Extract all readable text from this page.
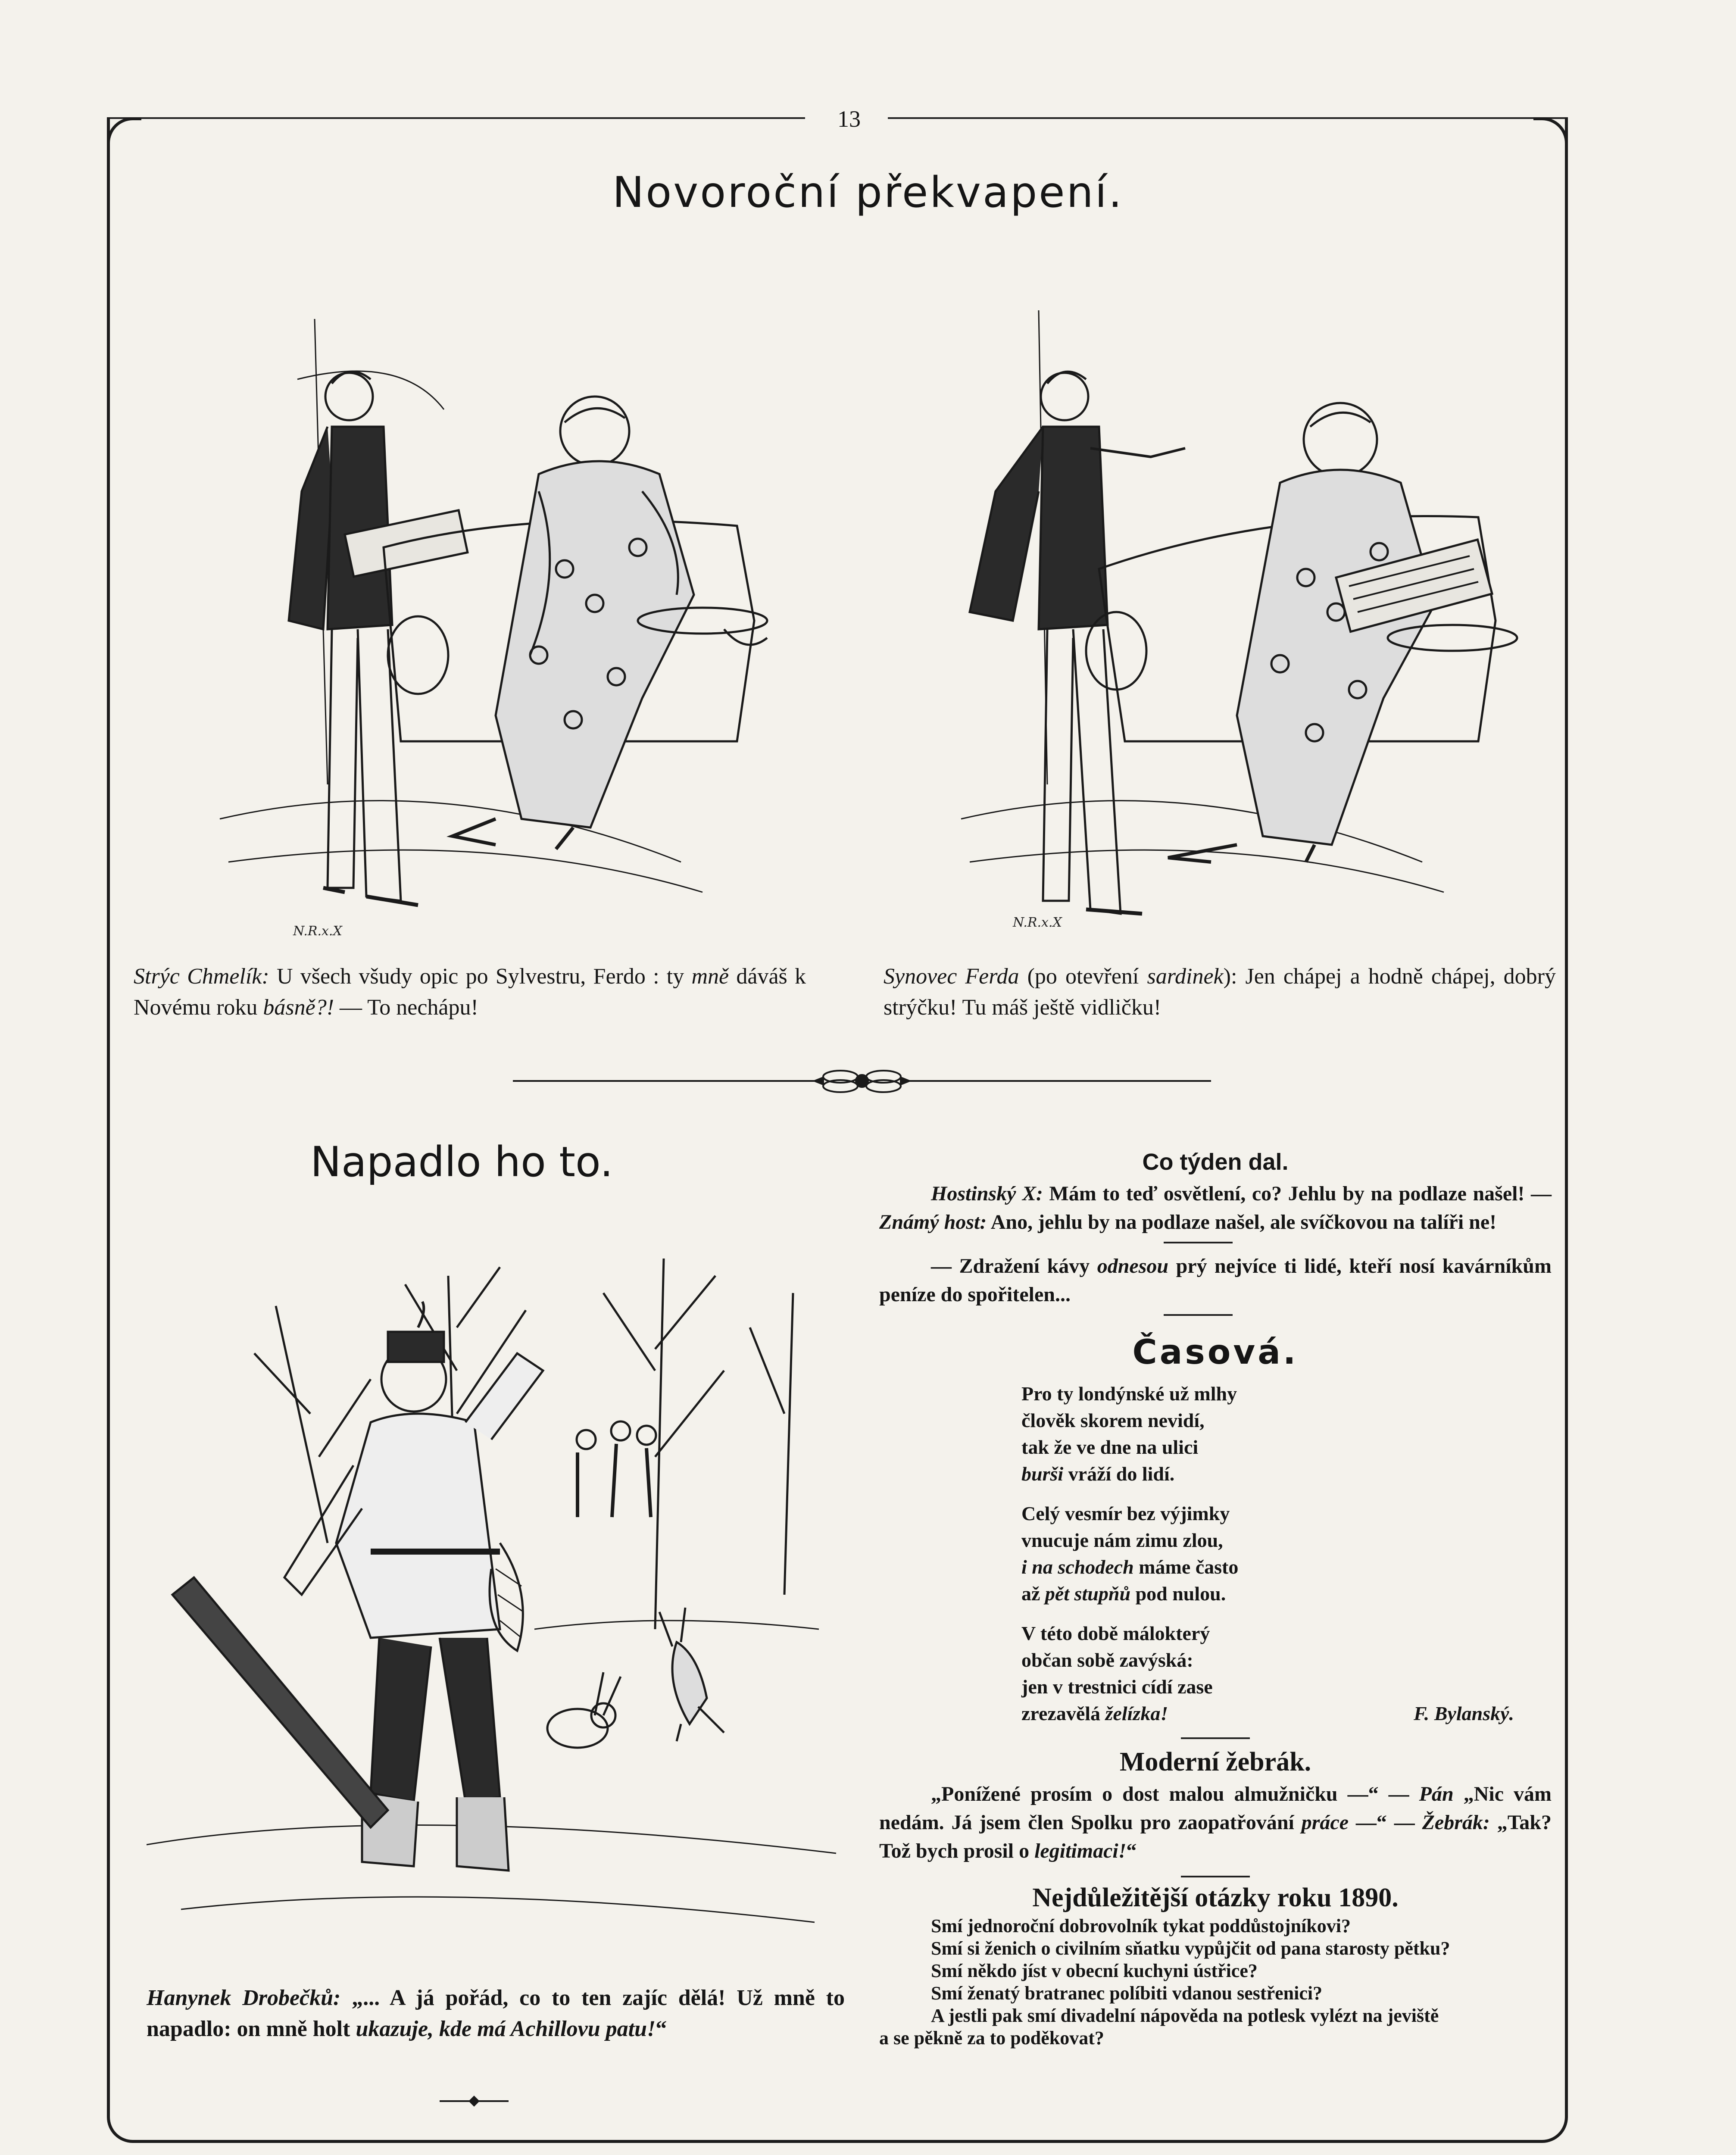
13
Novoroční překvapení.
N.R.x.X
Strýc Chmelík: U všech všudy opic po Sylvestru, Ferdo : ty mně dáváš k Novému roku básně?! — To nechápu!
N.R.x.X
Synovec Ferda (po otevření sardinek): Jen chápej a hodně chápej, dobrý strýčku! Tu máš ještě vidličku!
Napadlo ho to.
Hanynek Drobečků: „... A já pořád, co to ten zajíc dělá! Už mně to napadlo: on mně holt ukazuje, kde má Achillovu patu!“
Co týden dal.

Hostinský X: Mám to teď osvětlení, co? Jehlu by na podlaze našel! — Známý host: Ano, jehlu by na podlaze našel, ale svíčkovou na talíři ne!

— Zdražení kávy odnesou prý nejvíce ti lidé, kteří nosí kavárníkům peníze do spořitelen...

Časová.
Pro ty londýnské už mlhy
člověk skorem nevidí,
tak že ve dne na ulici
burši vráží do lidí.
Celý vesmír bez výjimky
vnucuje nám zimu zlou,
i na schodech máme často
až pět stupňů pod nulou.
V této době málokterý
občan sobě zavýská:
jen v trestnici cídí zase
zrezavělá želízka!	F. Bylanský.
Moderní žebrák.

„Ponížené prosím o dost malou almužničku —“ — Pán „Nic vám nedám. Já jsem člen Spolku pro zaopatřování práce —“ — Žebrák: „Tak? Tož bych prosil o legitimaci!“

Nejdůležitější otázky roku 1890.
Smí jednoroční dobrovolník tykat poddůstojníkovi?
Smí si ženich o civilním sňatku vypůjčit od pana starosty pětku?
Smí někdo jíst v obecní kuchyni ústřice?
Smí ženatý bratranec políbiti vdanou sestřenici?
A jestli pak smí divadelní nápověda na potlesk vylézt na jeviště
a se pěkně za to poděkovat?
